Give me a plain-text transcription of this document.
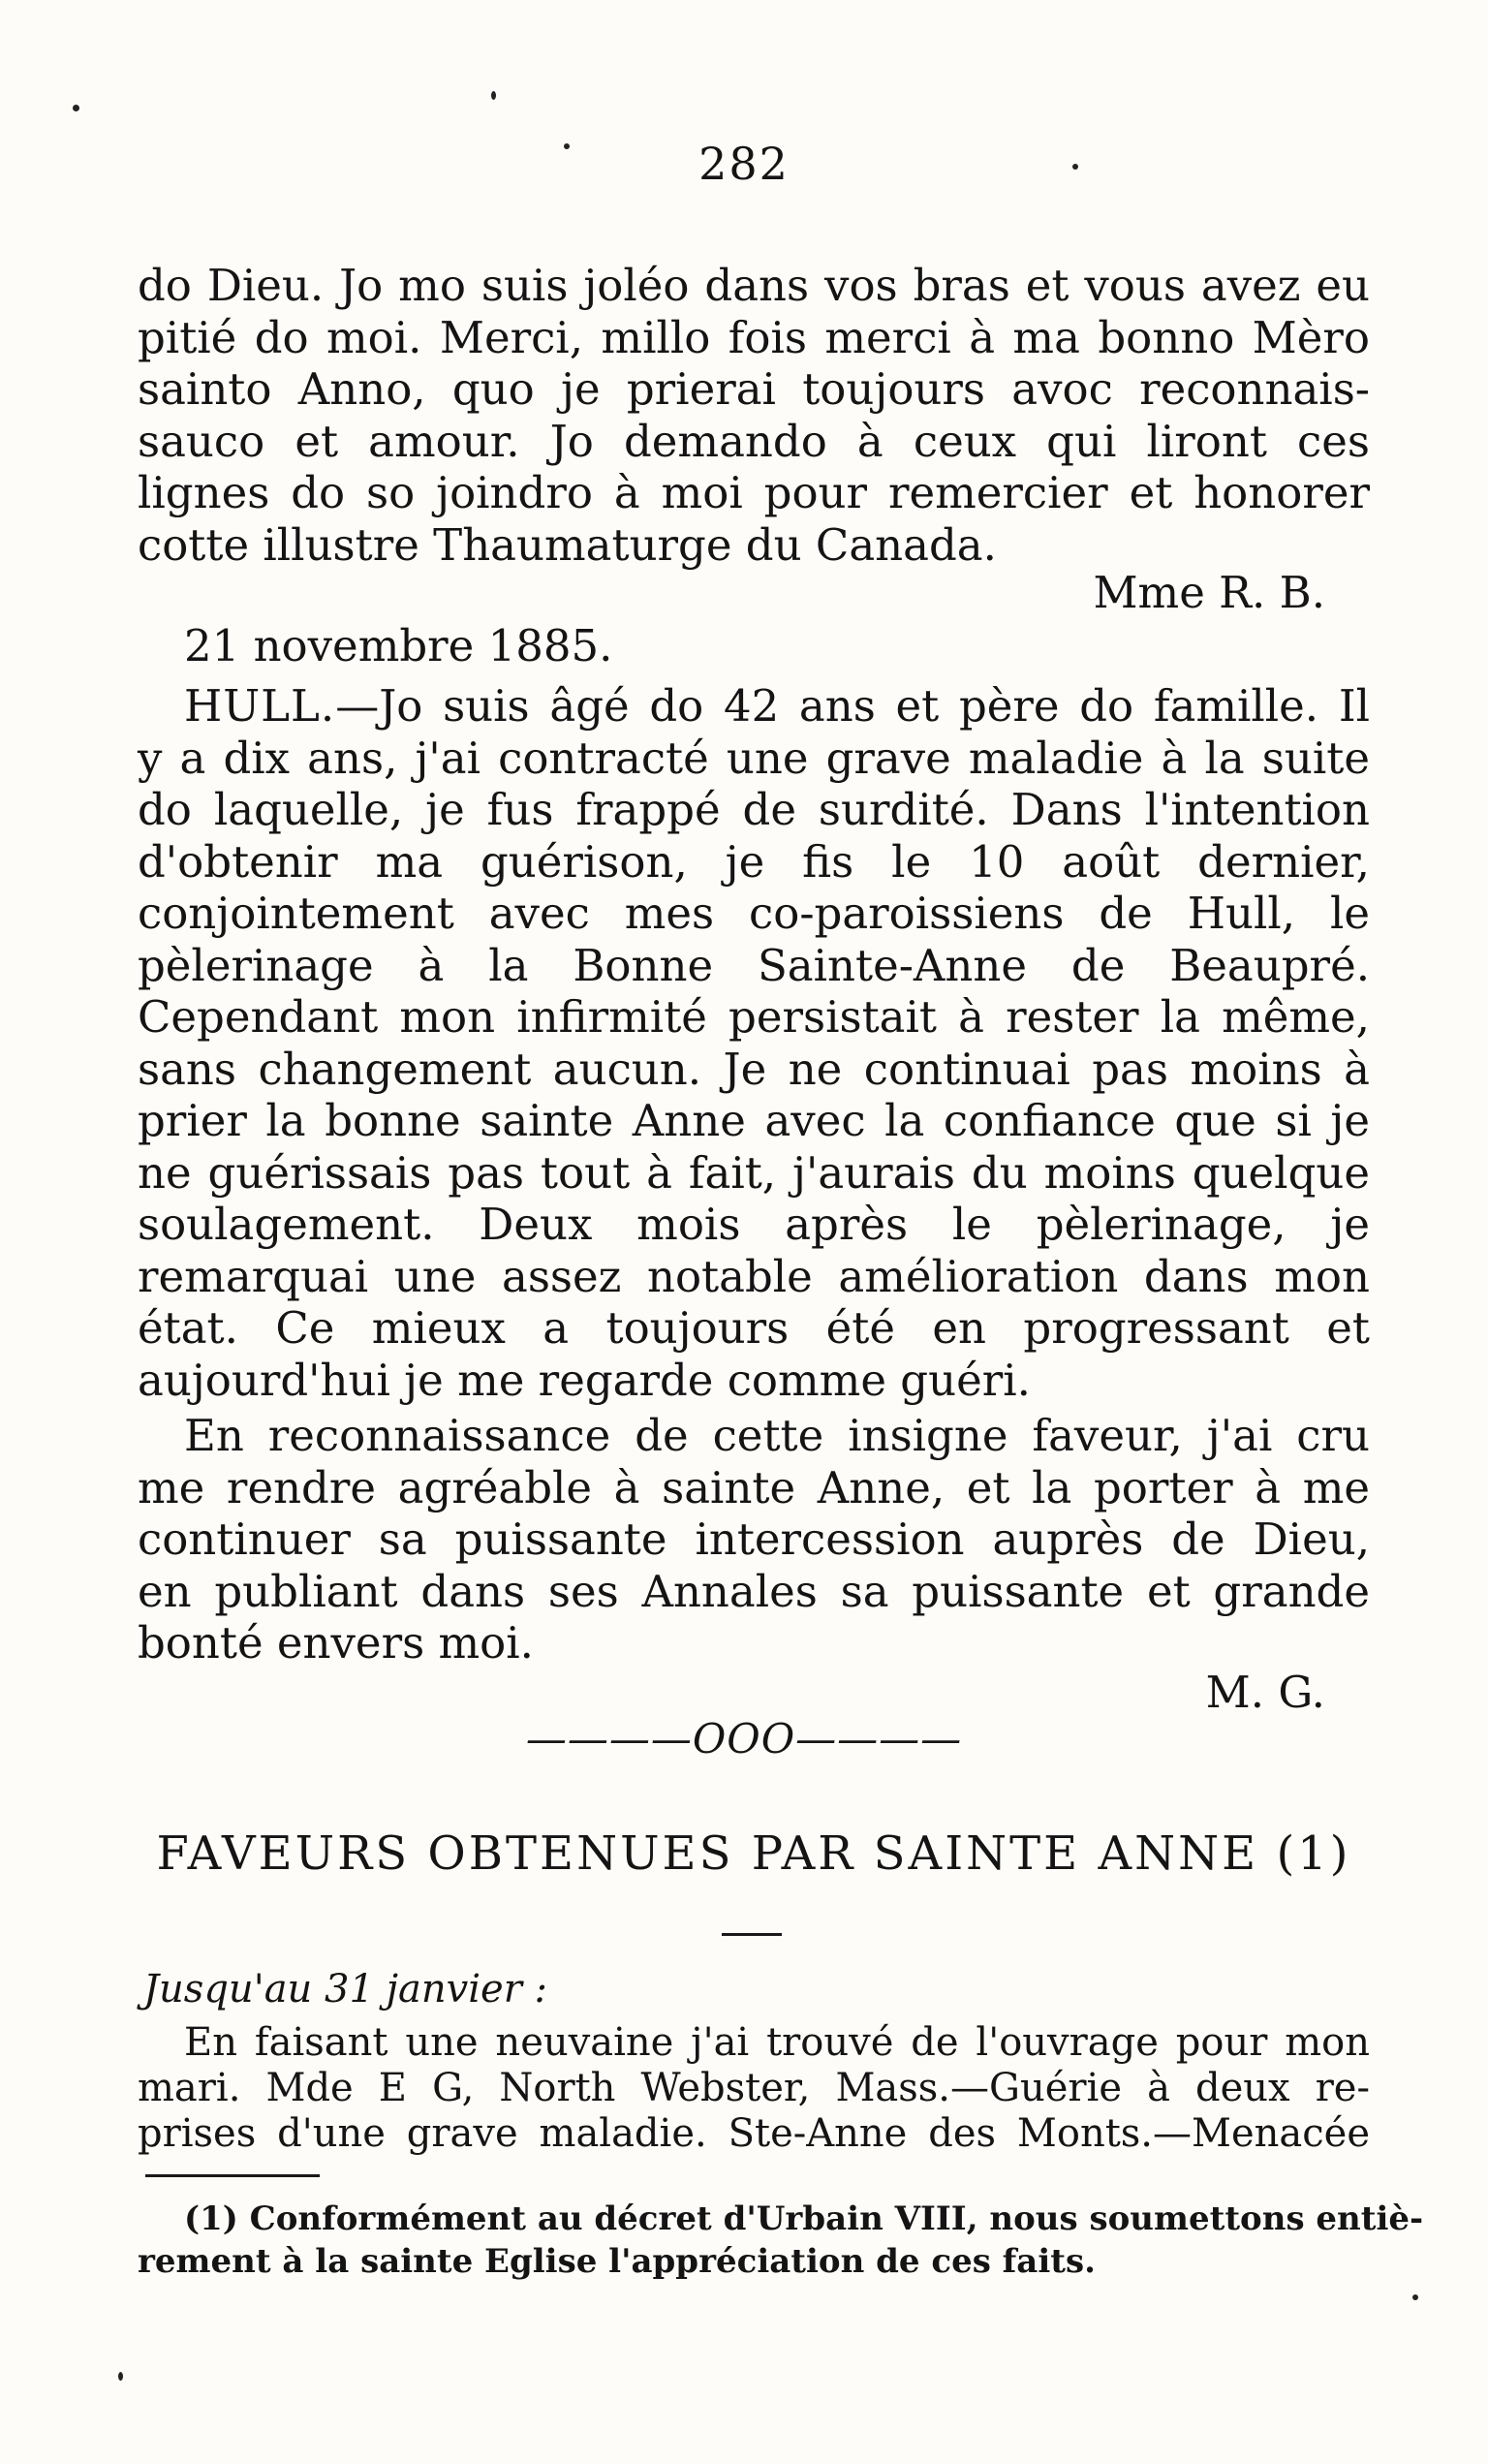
282
do Dieu. Jo mo suis joléo dans vos bras et vous avez eu
pitié do moi. Merci, millo fois merci à ma bonno Mèro
sainto Anno, quo je prierai toujours avoc reconnais-
sauco et amour. Jo demando à ceux qui liront ces
lignes do so joindro à moi pour remercier et honorer
cotte illustre Thaumaturge du Canada.
Mme R. B.
21 novembre 1885.
HULL.—Jo suis âgé do 42 ans et père do famille. Il
y a dix ans, j'ai contracté une grave maladie à la suite
do laquelle, je fus frappé de surdité. Dans l'intention
d'obtenir ma guérison, je fis le 10 août dernier,
conjointement avec mes co-paroissiens de Hull, le
pèlerinage à la Bonne Sainte-Anne de Beaupré.
Cependant mon infirmité persistait à rester la même,
sans changement aucun. Je ne continuai pas moins à
prier la bonne sainte Anne avec la confiance que si je
ne guérissais pas tout à fait, j'aurais du moins quelque
soulagement. Deux mois après le pèlerinage, je
remarquai une assez notable amélioration dans mon
état. Ce mieux a toujours été en progressant et
aujourd'hui je me regarde comme guéri.
En reconnaissance de cette insigne faveur, j'ai cru
me rendre agréable à sainte Anne, et la porter à me
continuer sa puissante intercession auprès de Dieu,
en publiant dans ses Annales sa puissante et grande
bonté envers moi.
M. G.
————OOO————
FAVEURS OBTENUES PAR SAINTE ANNE (1)
Jusqu'au 31 janvier :
En faisant une neuvaine j'ai trouvé de l'ouvrage pour mon
mari. Mde E G, North Webster, Mass.—Guérie à deux re-
prises d'une grave maladie. Ste-Anne des Monts.—Menacée
(1) Conformément au décret d'Urbain VIII, nous soumettons entiè-
rement à la sainte Eglise l'appréciation de ces faits.
